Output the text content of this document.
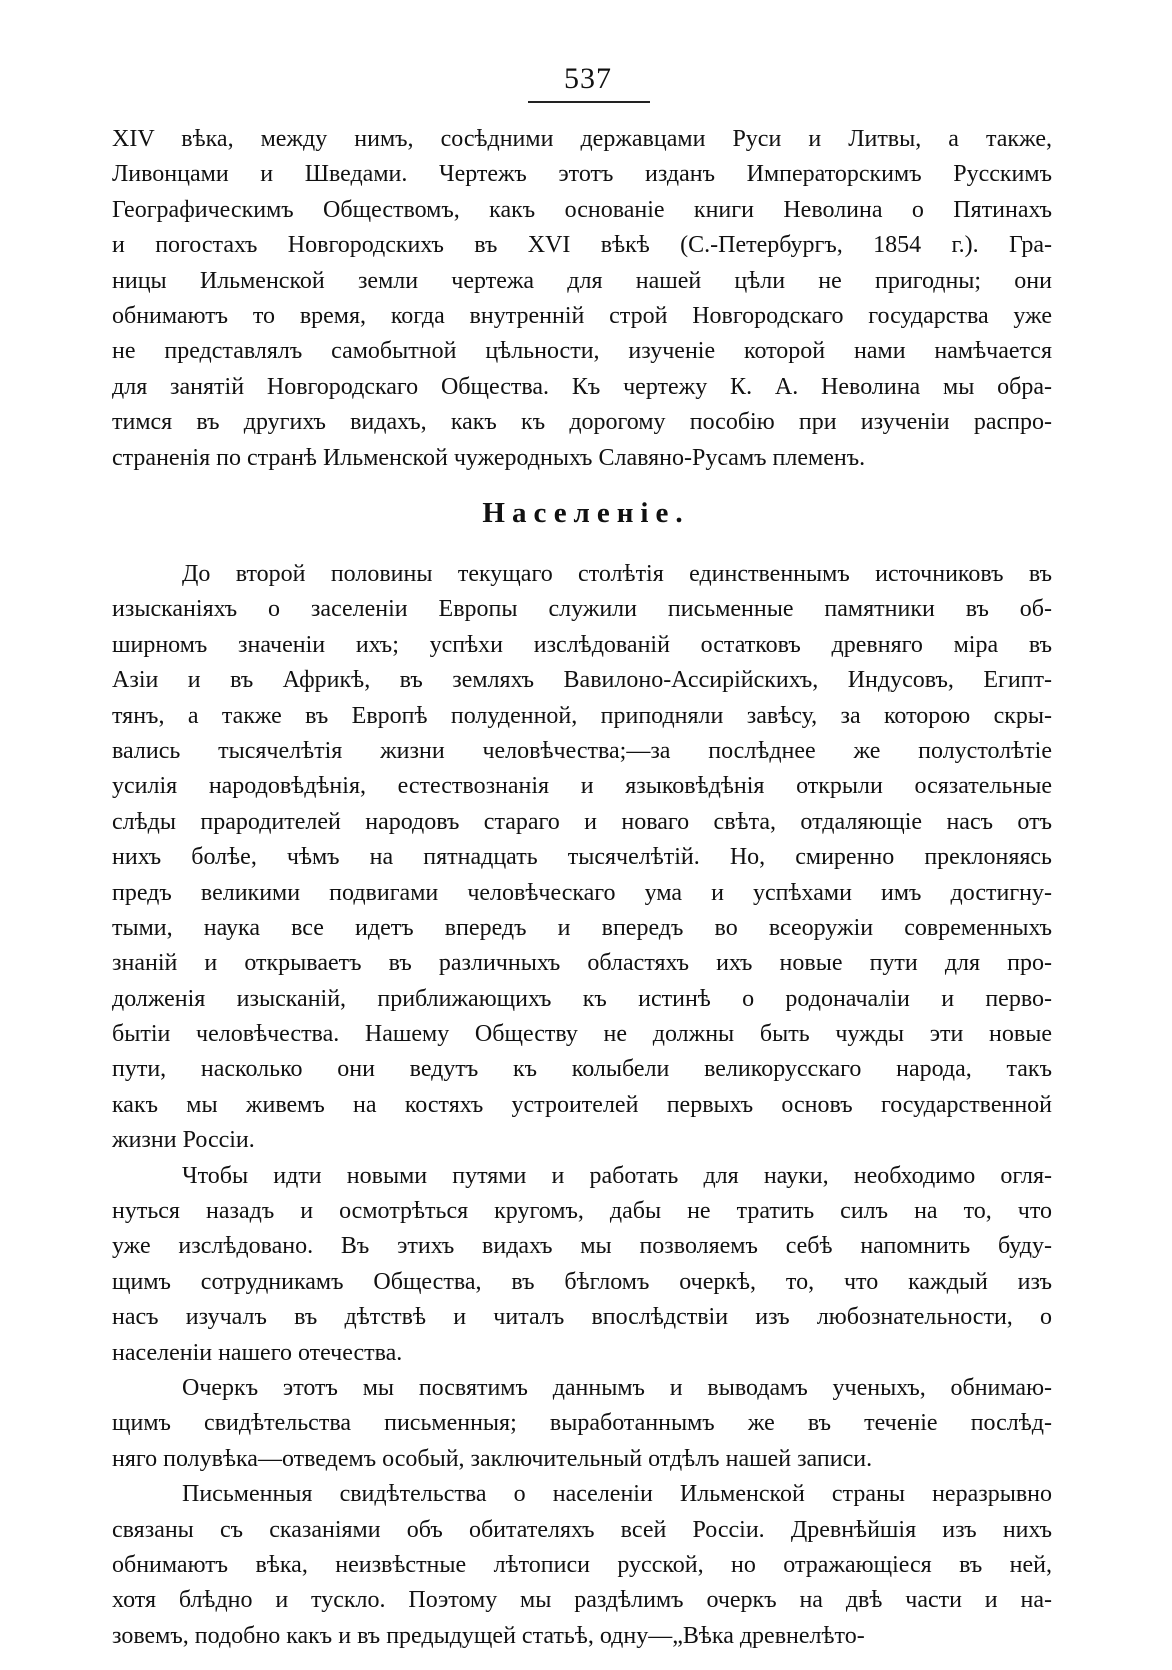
537
XIV вѣка, между нимъ, сосѣдними державцами Руси и Литвы, а также,
Ливонцами и Шведами. Чертежъ этотъ изданъ Императорскимъ Русскимъ
Географическимъ Обществомъ, какъ основаніе книги Неволина о Пятинахъ
и погостахъ Новгородскихъ въ XVI вѣкѣ (С.-Петербургъ, 1854 г.). Гра-
ницы Ильменской земли чертежа для нашей цѣли не пригодны; они
обнимаютъ то время, когда внутренній строй Новгородскаго государства уже
не представлялъ самобытной цѣльности, изученіе которой нами намѣчается
для занятій Новгородскаго Общества. Къ чертежу К. А. Неволина мы обра-
тимся въ другихъ видахъ, какъ къ дорогому пособію при изученіи распро-
страненія по странѣ Ильменской чужеродныхъ Славяно-Русамъ племенъ.
Населеніе.
До второй половины текущаго столѣтія единственнымъ источниковъ въ
изысканіяхъ о заселеніи Европы служили письменные памятники въ об-
ширномъ значеніи ихъ; успѣхи изслѣдованій остатковъ древняго міра въ
Азіи и въ Африкѣ, въ земляхъ Вавилоно-Ассирійскихъ, Индусовъ, Египт-
тянъ, а также въ Европѣ полуденной, приподняли завѣсу, за которою скры-
вались тысячелѣтія жизни человѣчества;—за послѣднее же полустолѣтіе
усилія народовѣдѣнія, естествознанія и языковѣдѣнія открыли осязательные
слѣды прародителей народовъ стараго и новаго свѣта, отдаляющіе насъ отъ
нихъ болѣе, чѣмъ на пятнадцать тысячелѣтій. Но, смиренно преклоняясь
предъ великими подвигами человѣческаго ума и успѣхами имъ достигну-
тыми, наука все идетъ впередъ и впередъ во всеоружіи современныхъ
знаній и открываетъ въ различныхъ областяхъ ихъ новые пути для про-
долженія изысканій, приближающихъ къ истинѣ о родоначаліи и перво-
бытіи человѣчества. Нашему Обществу не должны быть чужды эти новые
пути, насколько они ведутъ къ колыбели великорусскаго народа, такъ
какъ мы живемъ на костяхъ устроителей первыхъ основъ государственной
жизни Россіи.
Чтобы идти новыми путями и работать для науки, необходимо огля-
нуться назадъ и осмотрѣться кругомъ, дабы не тратить силъ на то, что
уже изслѣдовано. Въ этихъ видахъ мы позволяемъ себѣ напомнить буду-
щимъ сотрудникамъ Общества, въ бѣгломъ очеркѣ, то, что каждый изъ
насъ изучалъ въ дѣтствѣ и читалъ впослѣдствіи изъ любознательности, о
населеніи нашего отечества.
Очеркъ этотъ мы посвятимъ даннымъ и выводамъ ученыхъ, обнимаю-
щимъ свидѣтельства письменныя; выработаннымъ же въ теченіе послѣд-
няго полувѣка—отведемъ особый, заключительный отдѣлъ нашей записи.
Письменныя свидѣтельства о населеніи Ильменской страны неразрывно
связаны съ сказаніями объ обитателяхъ всей Россіи. Древнѣйшія изъ нихъ
обнимаютъ вѣка, неизвѣстные лѣтописи русской, но отражающіеся въ ней,
хотя блѣдно и тускло. Поэтому мы раздѣлимъ очеркъ на двѣ части и на-
зовемъ, подобно какъ и въ предыдущей статьѣ, одну—„Вѣка древнелѣто-
